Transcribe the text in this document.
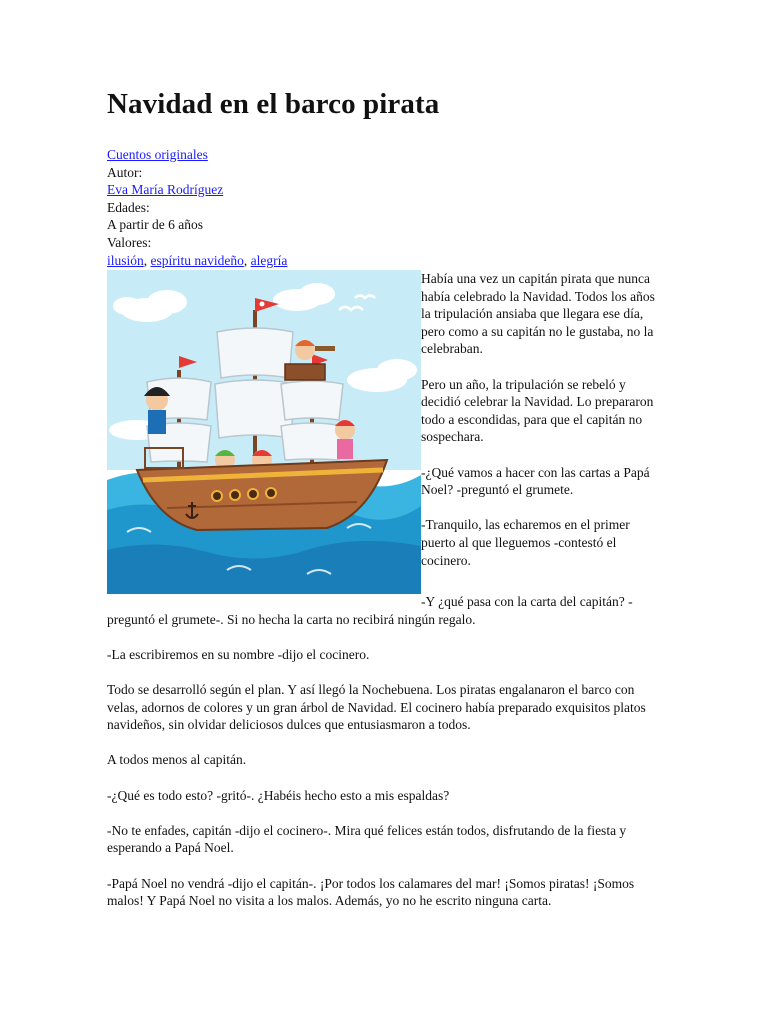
Navidad en el barco pirata
Cuentos originales
Autor:
Eva María Rodríguez
Edades:
A partir de 6 años
Valores:
ilusión, espíritu navideño, alegría

Había una vez un capitán pirata que nunca había celebrado la Navidad. Todos los años la tripulación ansiaba que llegara ese día, pero como a su capitán no le gustaba, no la celebraban.

Pero un año, la tripulación se rebeló y decidió celebrar la Navidad. Lo prepararon todo a escondidas, para que el capitán no sospechara.

-¿Qué vamos a hacer con las cartas a Papá Noel? -preguntó el grumete.

-Tranquilo, las echaremos en el primer puerto al que lleguemos -contestó el cocinero.

-Y ¿qué pasa con la carta del capitán? -preguntó el grumete-. Si no hecha la carta no recibirá ningún regalo.

-La escribiremos en su nombre -dijo el cocinero.

Todo se desarrolló según el plan. Y así llegó la Nochebuena. Los piratas engalanaron el barco con velas, adornos de colores y un gran árbol de Navidad. El cocinero había preparado exquisitos platos navideños, sin olvidar deliciosos dulces que entusiasmaron a todos.

A todos menos al capitán.

-¿Qué es todo esto? -gritó-. ¿Habéis hecho esto a mis espaldas?

-No te enfades, capitán -dijo el cocinero-. Mira qué felices están todos, disfrutando de la fiesta y esperando a Papá Noel.

-Papá Noel no vendrá -dijo el capitán-. ¡Por todos los calamares del mar! ¡Somos piratas! ¡Somos malos! Y Papá Noel no visita a los malos. Además, yo no he escrito ninguna carta.
